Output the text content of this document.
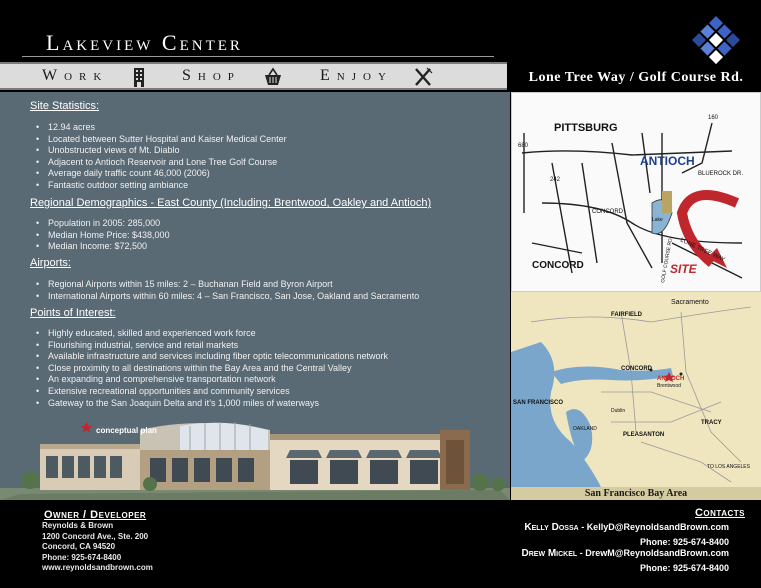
Lakeview Center
Work	Shop	Enjoy	Lone Tree Way / Golf Course Rd.
Site Statistics:
• 12.94 acres
• Located between Sutter Hospital and Kaiser Medical Center
• Unobstructed views of Mt. Diablo
• Adjacent to Antioch Reservoir and Lone Tree Golf Course
• Average daily traffic count 46,000 (2006)
• Fantastic outdoor setting ambiance
Regional Demographics - East County (Including: Brentwood, Oakley and Antioch)
• Population in 2005: 285,000
• Median Home Price: $438,000
• Median Income: $72,500
Airports:
• Regional Airports within 15 miles: 2 – Buchanan Field and Byron Airport
• International Airports within 60 miles: 4 – San Francisco, San Jose, Oakland and Sacramento
Points of Interest:
• Highly educated, skilled and experienced work force
• Flourishing industrial, service and retail markets
• Available infrastructure and services including fiber optic telecommunications network
• Close proximity to all destinations within the Bay Area and the Central Valley
• An expanding and comprehensive transportation network
• Extensive recreational opportunities and community services
• Gateway to the San Joaquin Delta and it’s 1,000 miles of waterways
conceptual plan
PITTSBURG
ANTIOCH
CONCORD	SITE
BLUEROCK DR.
LONE TREE WAY
680
160
242
GOLF COURSE RD.
Lake
CONCORD
Sacramento
FAIRFIELD
CONCORD
ANTIOCH
Brentwood
SAN FRANCISCO
OAKLAND
PLEASANTON
TRACY
TO LOS ANGELES
Dublin
San Francisco Bay Area
Owner / Developer
Reynolds & Brown
1200 Concord Ave., Ste. 200
Concord, CA 94520
Phone: 925-674-8400
www.reynoldsandbrown.com
Contacts
Kelly Dossa - KellyD@ReynoldsandBrown.com
Phone: 925-674-8400
Drew Mickel - DrewM@ReynoldsandBrown.com
Phone: 925-674-8400
